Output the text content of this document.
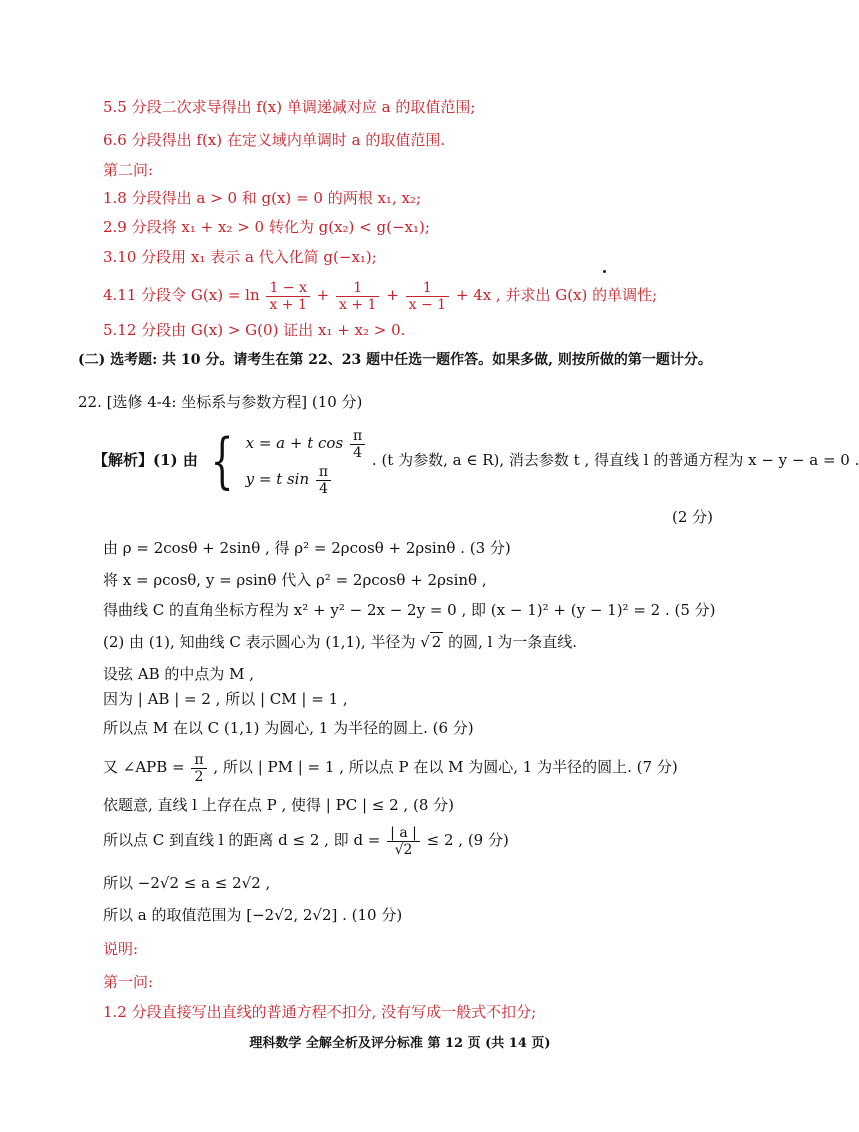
5.5 分段二次求导得出 f(x) 单调递减对应 a 的取值范围;
6.6 分段得出 f(x) 在定义域内单调时 a 的取值范围.
第二问:
1.8 分段得出 a > 0 和 g(x) = 0 的两根 x₁, x₂;
2.9 分段将 x₁ + x₂ > 0 转化为 g(x₂) < g(−x₁);
3.10 分段用 x₁ 表示 a 代入化简 g(−x₁);
4.11 分段令 $G(x) = \ln \frac{1 - x}{x + 1} + \frac{1}{x + 1} + \frac{1}{x - 1} + 4x$ , 并求出 G(x) 的单调性;
5.12 分段由 G(x) > G(0) 证出 x₁ + x₂ > 0.
(二) 选考题: 共 10 分。请考生在第 22、23 题中任选一题作答。如果多做, 则按所做的第一题计分。
22. [选修 4-4: 坐标系与参数方程] (10 分)
【解析】(1) 由 { x = a + t $\cos \frac{\pi}{4}$
y = t $\sin \frac{\pi}{4}$
. (t 为参数, a ∈ R), 消去参数 t , 得直线 l 的普通方程为 x − y − a = 0 .
(2 分)
由 ρ = 2cosθ + 2sinθ , 得 ρ² = 2ρcosθ + 2ρsinθ . (3 分)
将 x = ρcosθ, y = ρsinθ 代入 ρ² = 2ρcosθ + 2ρsinθ ,
得曲线 C 的直角坐标方程为 x² + y² − 2x − 2y = 0 , 即 (x − 1)² + (y − 1)² = 2 . (5 分)
(2) 由 (1), 知曲线 C 表示圆心为 (1,1), 半径为 √ 2 的圆, l 为一条直线.
设弦 AB 的中点为 M ,
因为 | AB | = 2 , 所以 | CM | = 1 ,
所以点 M 在以 C (1,1) 为圆心, 1 为半径的圆上. (6 分)
又 ∠APB = $\frac{\pi}{2}$ , 所以 | PM | = 1 , 所以点 P 在以 M 为圆心, 1 为半径的圆上. (7 分)
依题意, 直线 l 上存在点 P , 使得 | PC | ≤ 2 , (8 分)
所以点 C 到直线 l 的距离 d ≤ 2 , 即 $d = \frac{| a |}{√2} \le 2$ , (9 分)
所以 −2√2 ≤ a ≤ 2√2 ,
所以 a 的取值范围为 [−2√2, 2√2] . (10 分)
说明:
第一问:
1.2 分段直接写出直线的普通方程不扣分, 没有写成一般式不扣分;
理科数学 全解全析及评分标准 第 12 页 (共 14 页)
